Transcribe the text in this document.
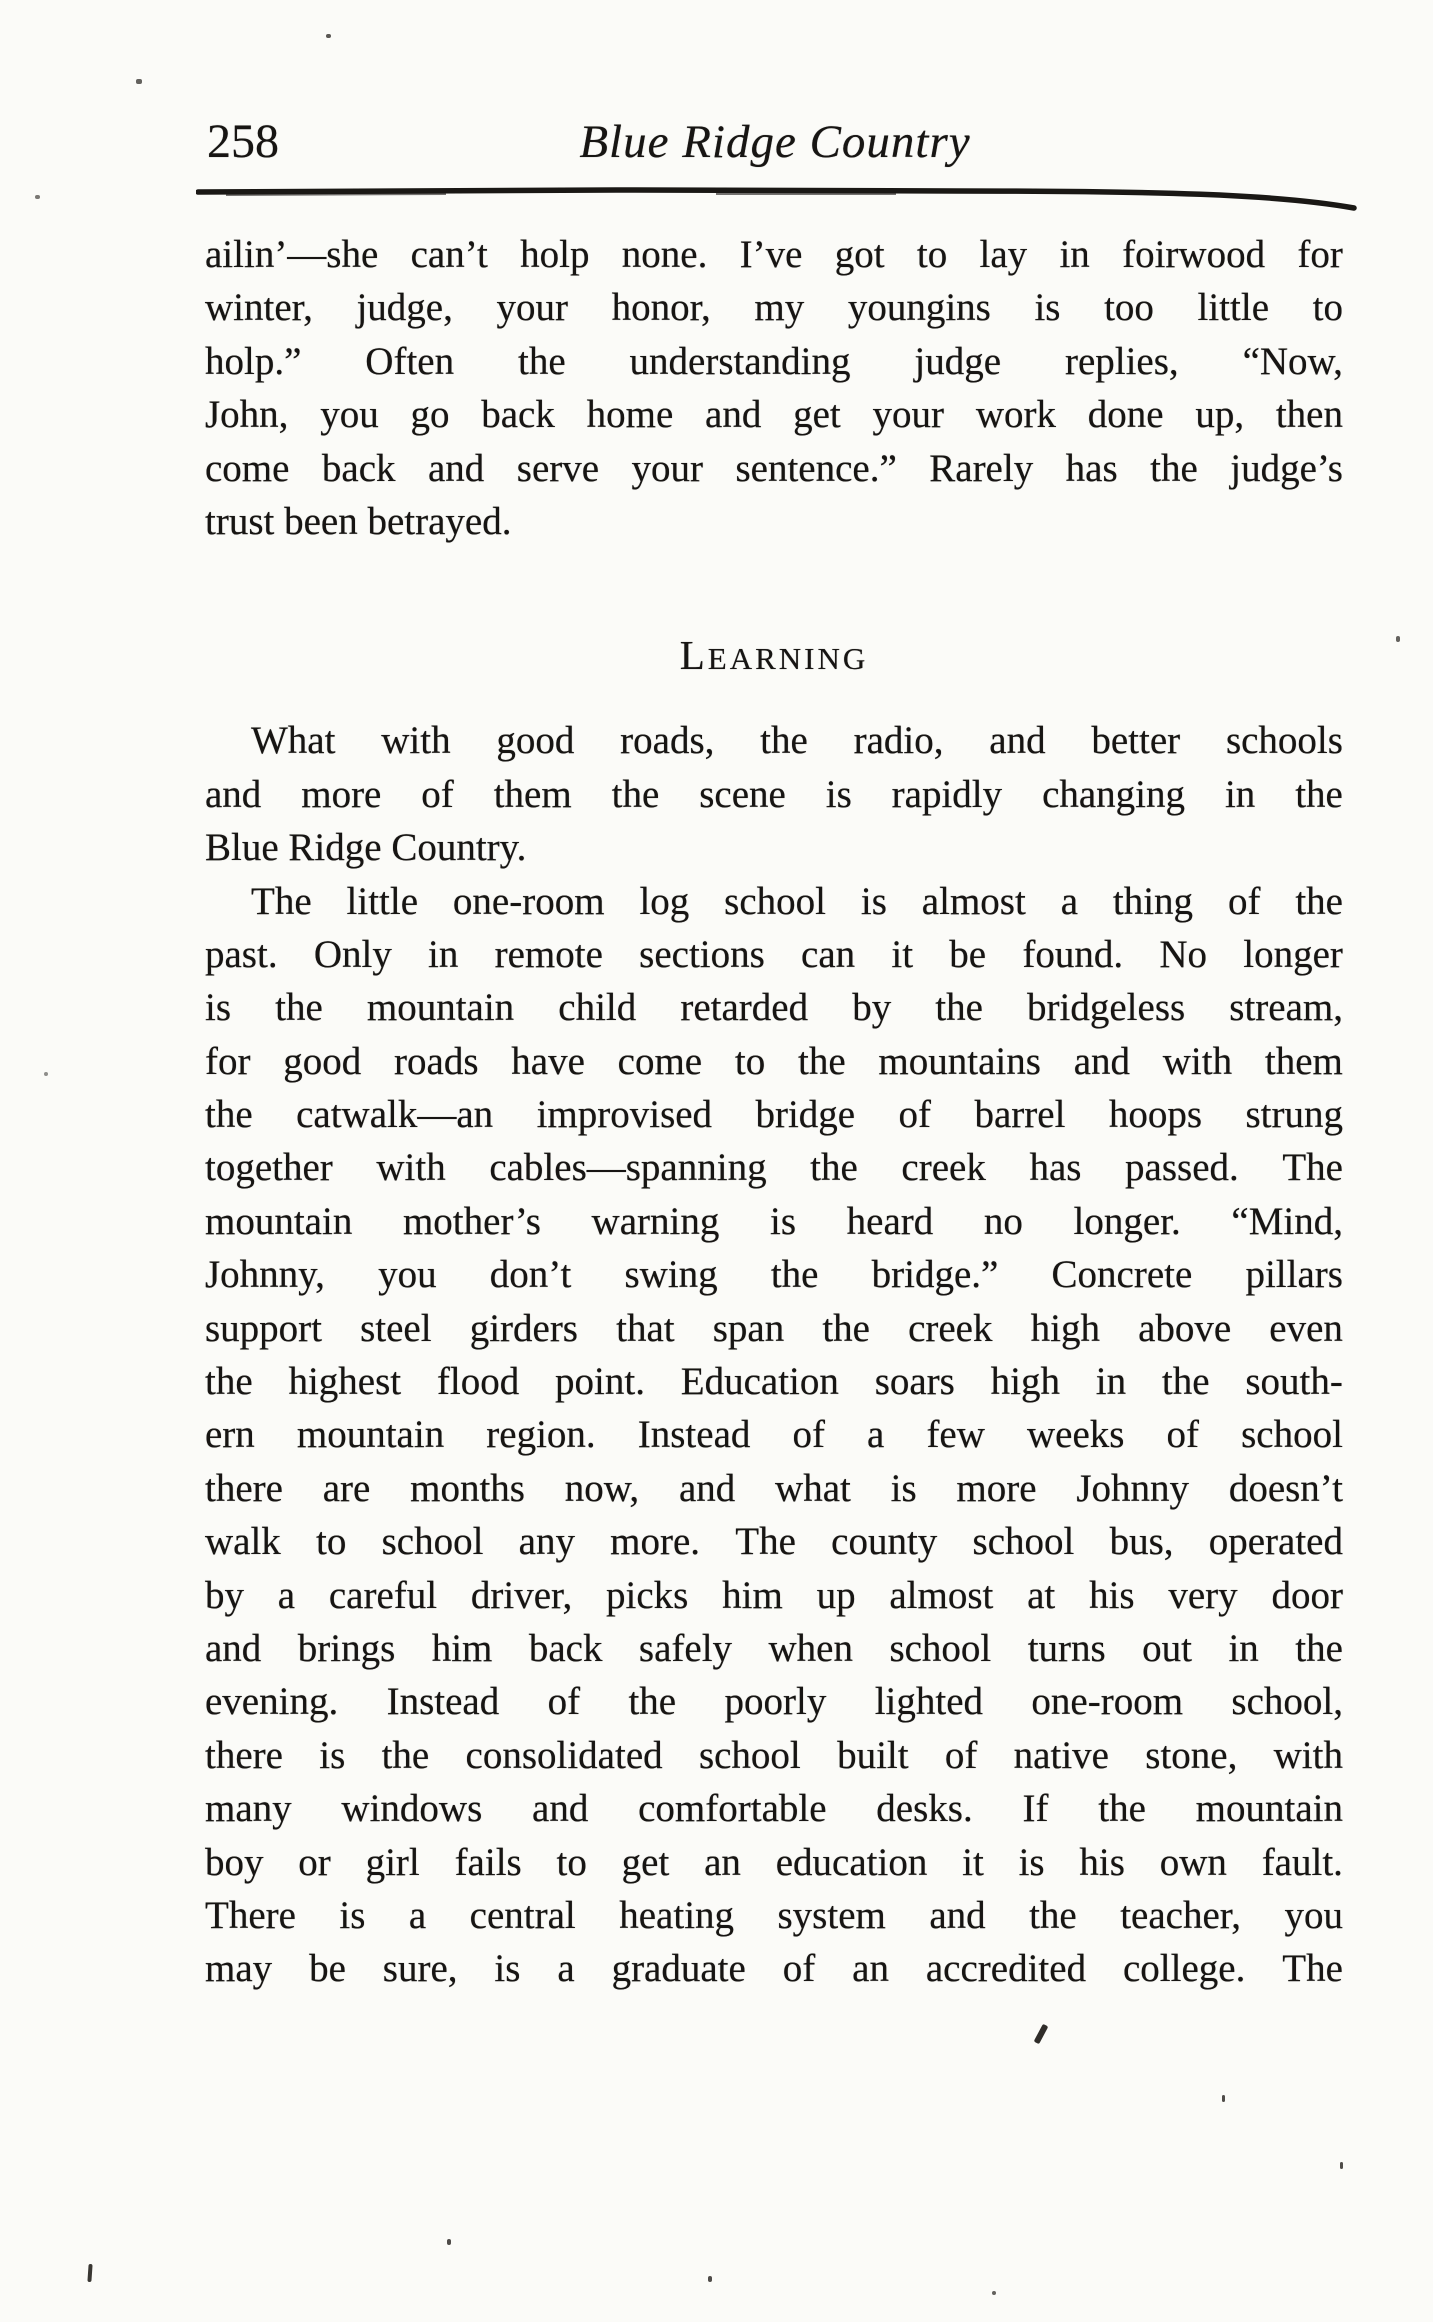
258	Blue Ridge Country
ailin’—she can’t holp none. I’ve got to lay in foirwood for
winter, judge, your honor, my youngins is too little to
holp.” Often the understanding judge replies, “Now,
John, you go back home and get your work done up, then
come back and serve your sentence.” Rarely has the judge’s
trust been betrayed.
LEARNING
What with good roads, the radio, and better schools
and more of them the scene is rapidly changing in the
Blue Ridge Country.
The little one-room log school is almost a thing of the
past. Only in remote sections can it be found. No longer
is the mountain child retarded by the bridgeless stream,
for good roads have come to the mountains and with them
the catwalk—an improvised bridge of barrel hoops strung
together with cables—spanning the creek has passed. The
mountain mother’s warning is heard no longer. “Mind,
Johnny, you don’t swing the bridge.” Concrete pillars
support steel girders that span the creek high above even
the highest flood point. Education soars high in the south-
ern mountain region. Instead of a few weeks of school
there are months now, and what is more Johnny doesn’t
walk to school any more. The county school bus, operated
by a careful driver, picks him up almost at his very door
and brings him back safely when school turns out in the
evening. Instead of the poorly lighted one-room school,
there is the consolidated school built of native stone, with
many windows and comfortable desks. If the mountain
boy or girl fails to get an education it is his own fault.
There is a central heating system and the teacher, you
may be sure, is a graduate of an accredited college. The
